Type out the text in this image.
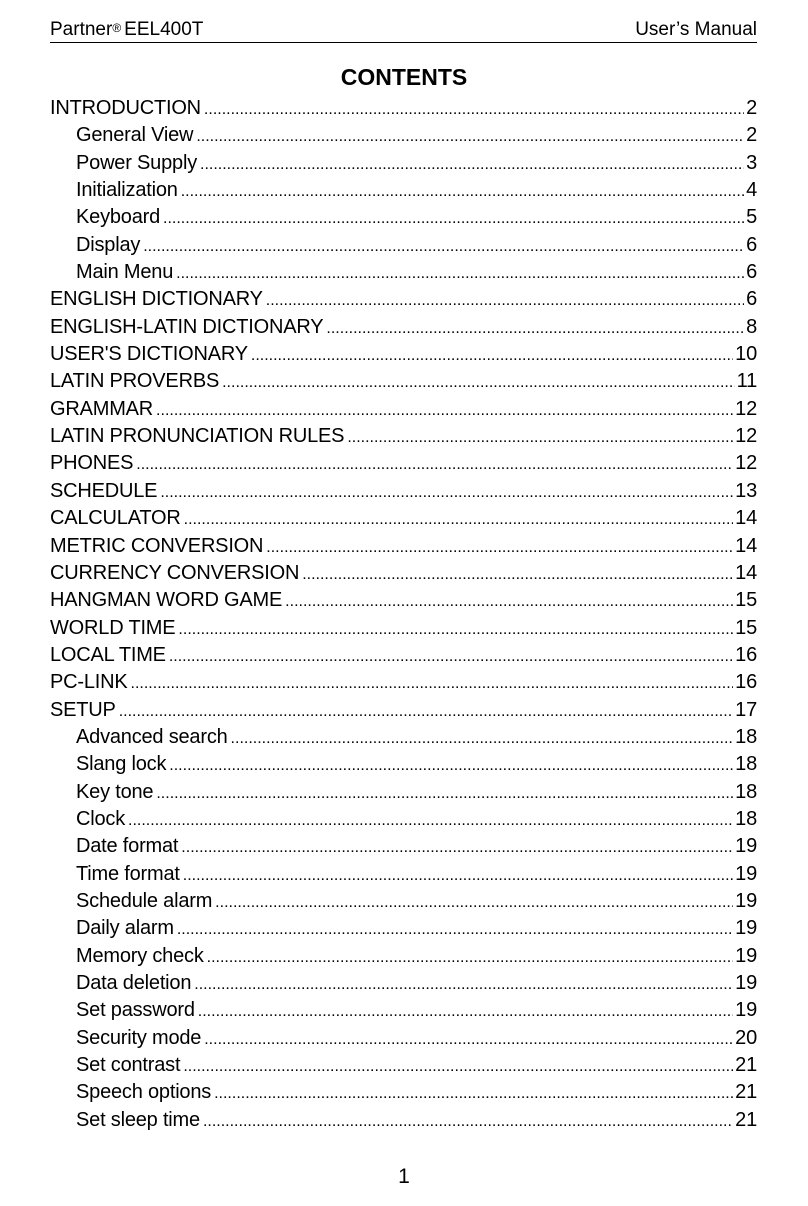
Partner® EEL400T	User’s Manual
CONTENTS
INTRODUCTION .....	2
General View .....	2
Power Supply .....	3
Initialization .....	4
Keyboard .....	5
Display .....	6
Main Menu .....	6
ENGLISH DICTIONARY .....	6
ENGLISH-LATIN DICTIONARY .....	8
USER'S DICTIONARY .....	10
LATIN PROVERBS .....	11
GRAMMAR .....	12
LATIN PRONUNCIATION RULES .....	12
PHONES .....	12
SCHEDULE .....	13
CALCULATOR .....	14
METRIC CONVERSION .....	14
CURRENCY CONVERSION .....	14
HANGMAN WORD GAME .....	15
WORLD TIME .....	15
LOCAL TIME .....	16
PC-LINK .....	16
SETUP .....	17
Advanced search .....	18
Slang lock .....	18
Key tone .....	18
Clock .....	18
Date format .....	19
Time format .....	19
Schedule alarm .....	19
Daily alarm .....	19
Memory check .....	19
Data deletion .....	19
Set password .....	19
Security mode .....	20
Set contrast .....	21
Speech options .....	21
Set sleep time .....	21
1
